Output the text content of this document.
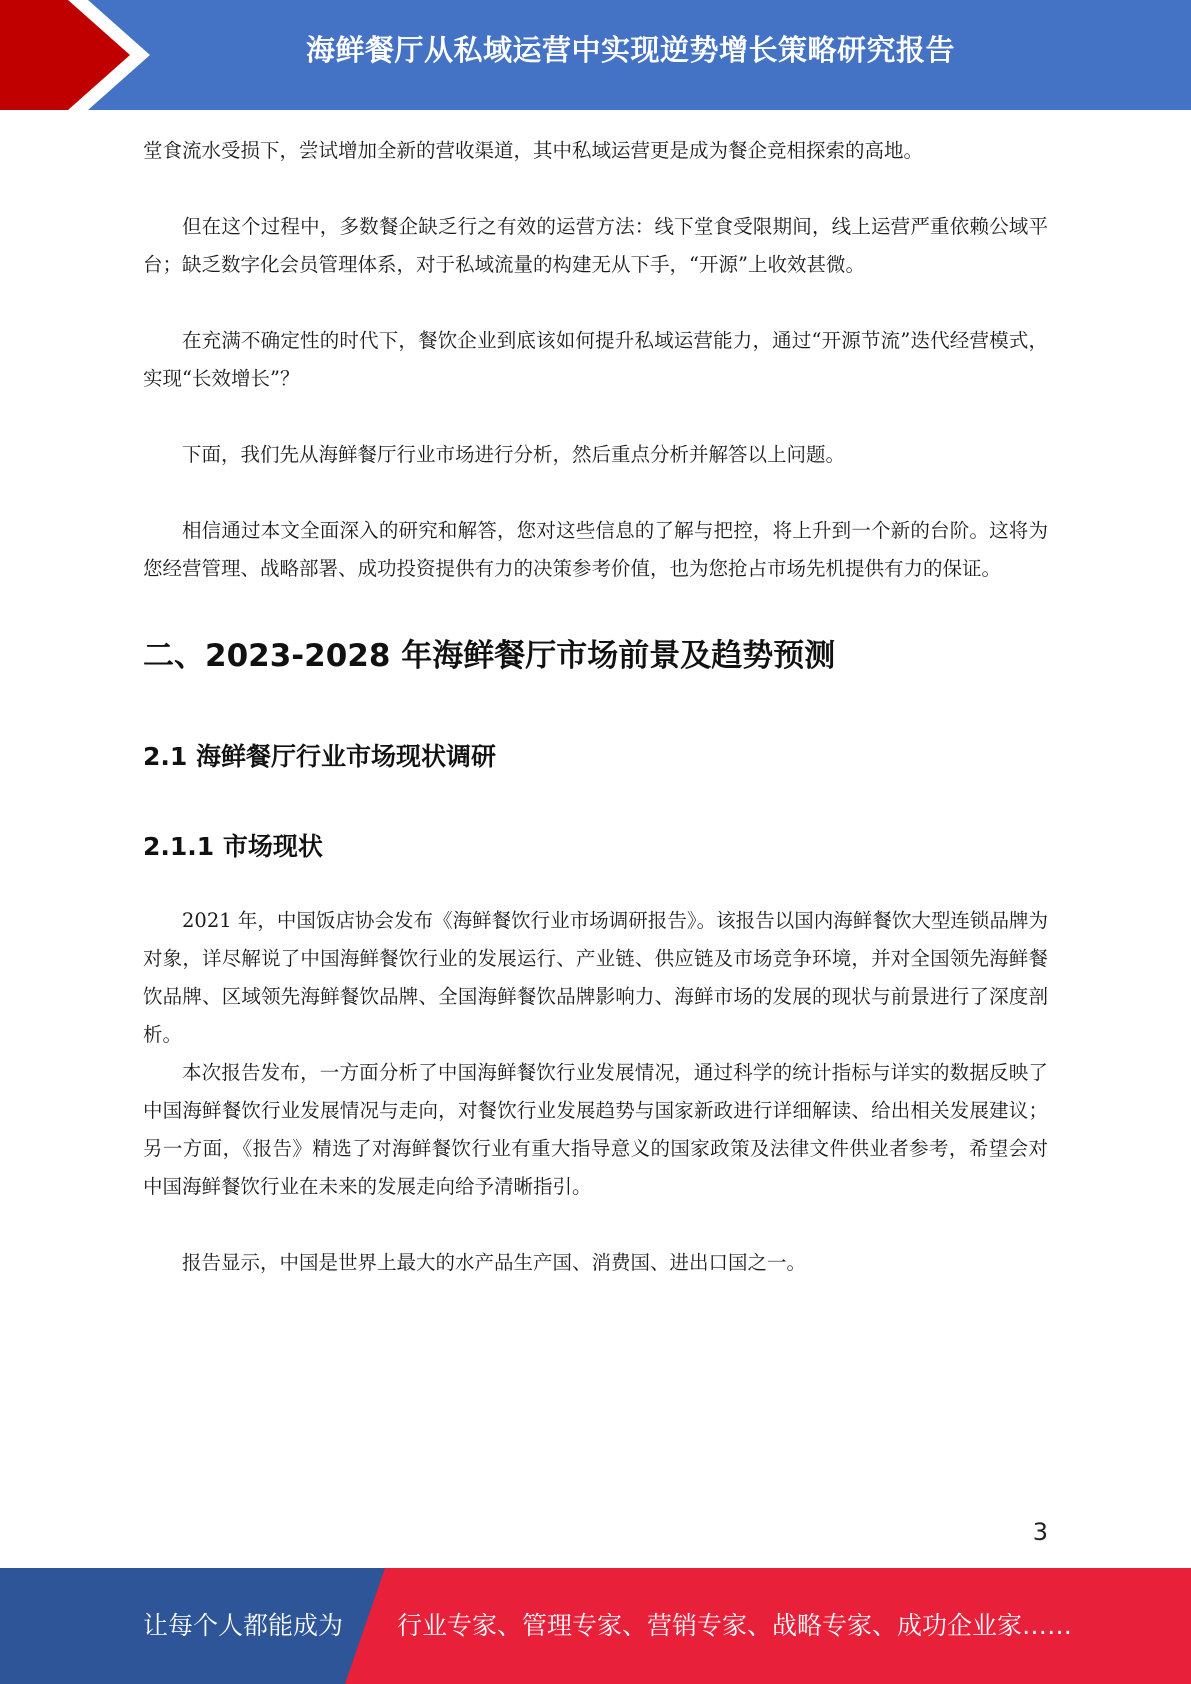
海鲜餐厅从私域运营中实现逆势增长策略研究报告

堂食流水受损下，尝试增加全新的营收渠道，其中私域运营更是成为餐企竞相探索的高地。

但在这个过程中，多数餐企缺乏行之有效的运营方法：线下堂食受限期间，线上运营严重依赖公域平台；缺乏数字化会员管理体系，对于私域流量的构建无从下手，“开源”上收效甚微。

在充满不确定性的时代下，餐饮企业到底该如何提升私域运营能力，通过“开源节流”迭代经营模式，实现“长效增长”？

下面，我们先从海鲜餐厅行业市场进行分析，然后重点分析并解答以上问题。

相信通过本文全面深入的研究和解答，您对这些信息的了解与把控，将上升到一个新的台阶。这将为您经营管理、战略部署、成功投资提供有力的决策参考价值，也为您抢占市场先机提供有力的保证。

二、2023-2028 年海鲜餐厅市场前景及趋势预测
2.1 海鲜餐厅行业市场现状调研
2.1.1 市场现状

2021 年，中国饭店协会发布《海鲜餐饮行业市场调研报告》。该报告以国内海鲜餐饮大型连锁品牌为对象，详尽解说了中国海鲜餐饮行业的发展运行、产业链、供应链及市场竞争环境，并对全国领先海鲜餐饮品牌、区域领先海鲜餐饮品牌、全国海鲜餐饮品牌影响力、海鲜市场的发展的现状与前景进行了深度剖析。

本次报告发布，一方面分析了中国海鲜餐饮行业发展情况，通过科学的统计指标与详实的数据反映了中国海鲜餐饮行业发展情况与走向，对餐饮行业发展趋势与国家新政进行详细解读、给出相关发展建议；另一方面，《报告》精选了对海鲜餐饮行业有重大指导意义的国家政策及法律文件供业者参考，希望会对中国海鲜餐饮行业在未来的发展走向给予清晰指引。

报告显示，中国是世界上最大的水产品生产国、消费国、进出口国之一。

3
让每个人都能成为 行业专家、管理专家、营销专家、战略专家、成功企业家……
